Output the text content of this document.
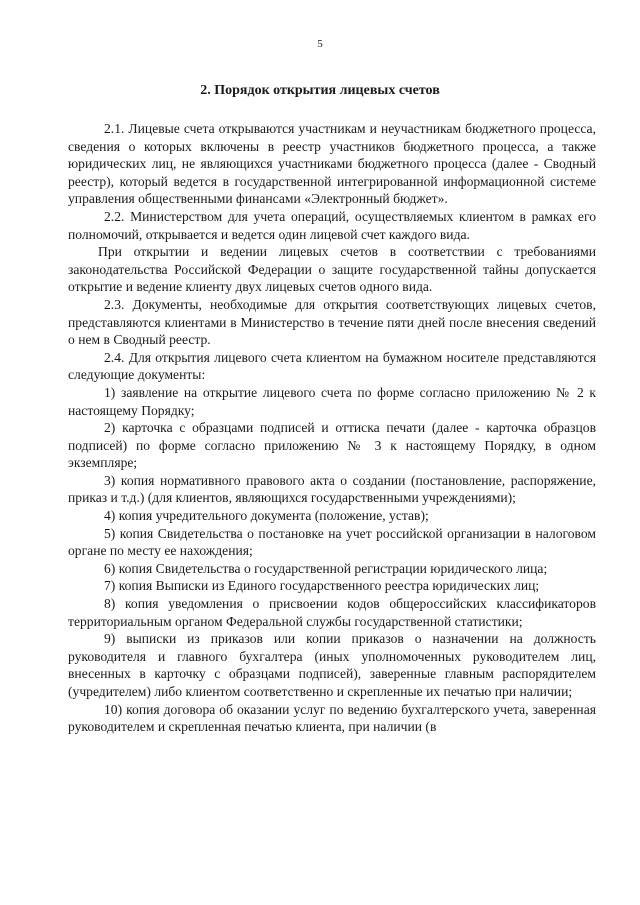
5
2. Порядок открытия лицевых счетов

2.1. Лицевые счета открываются участникам и неучастникам бюджетного процесса, сведения о которых включены в реестр участников бюджетного процесса, а также юридических лиц, не являющихся участниками бюджетного процесса (далее - Сводный реестр), который ведется в государственной интегрированной информационной системе управления общественными финансами «Электронный бюджет».

2.2. Министерством для учета операций, осуществляемых клиентом в рамках его полномочий, открывается и ведется один лицевой счет каждого вида.

При открытии и ведении лицевых счетов в соответствии с требованиями законодательства Российской Федерации о защите государственной тайны допускается открытие и ведение клиенту двух лицевых счетов одного вида.

2.3. Документы, необходимые для открытия соответствующих лицевых счетов, представляются клиентами в Министерство в течение пяти дней после внесения сведений о нем в Сводный реестр.

2.4. Для открытия лицевого счета клиентом на бумажном носителе представляются следующие документы:

1) заявление на открытие лицевого счета по форме согласно приложению № 2 к настоящему Порядку;

2) карточка с образцами подписей и оттиска печати (далее - карточка образцов подписей) по форме согласно приложению № 3 к настоящему Порядку, в одном экземпляре;

3) копия нормативного правового акта о создании (постановление, распоряжение, приказ и т.д.) (для клиентов, являющихся государственными учреждениями);

4) копия учредительного документа (положение, устав);

5) копия Свидетельства о постановке на учет российской организации в налоговом органе по месту ее нахождения;

6) копия Свидетельства о государственной регистрации юридического лица;

7) копия Выписки из Единого государственного реестра юридических лиц;

8) копия уведомления о присвоении кодов общероссийских классификаторов территориальным органом Федеральной службы государственной статистики;

9) выписки из приказов или копии приказов о назначении на должность руководителя и главного бухгалтера (иных уполномоченных руководителем лиц, внесенных в карточку с образцами подписей), заверенные главным распорядителем (учредителем) либо клиентом соответственно и скрепленные их печатью при наличии;

10) копия договора об оказании услуг по ведению бухгалтерского учета, заверенная руководителем и скрепленная печатью клиента, при наличии (в
